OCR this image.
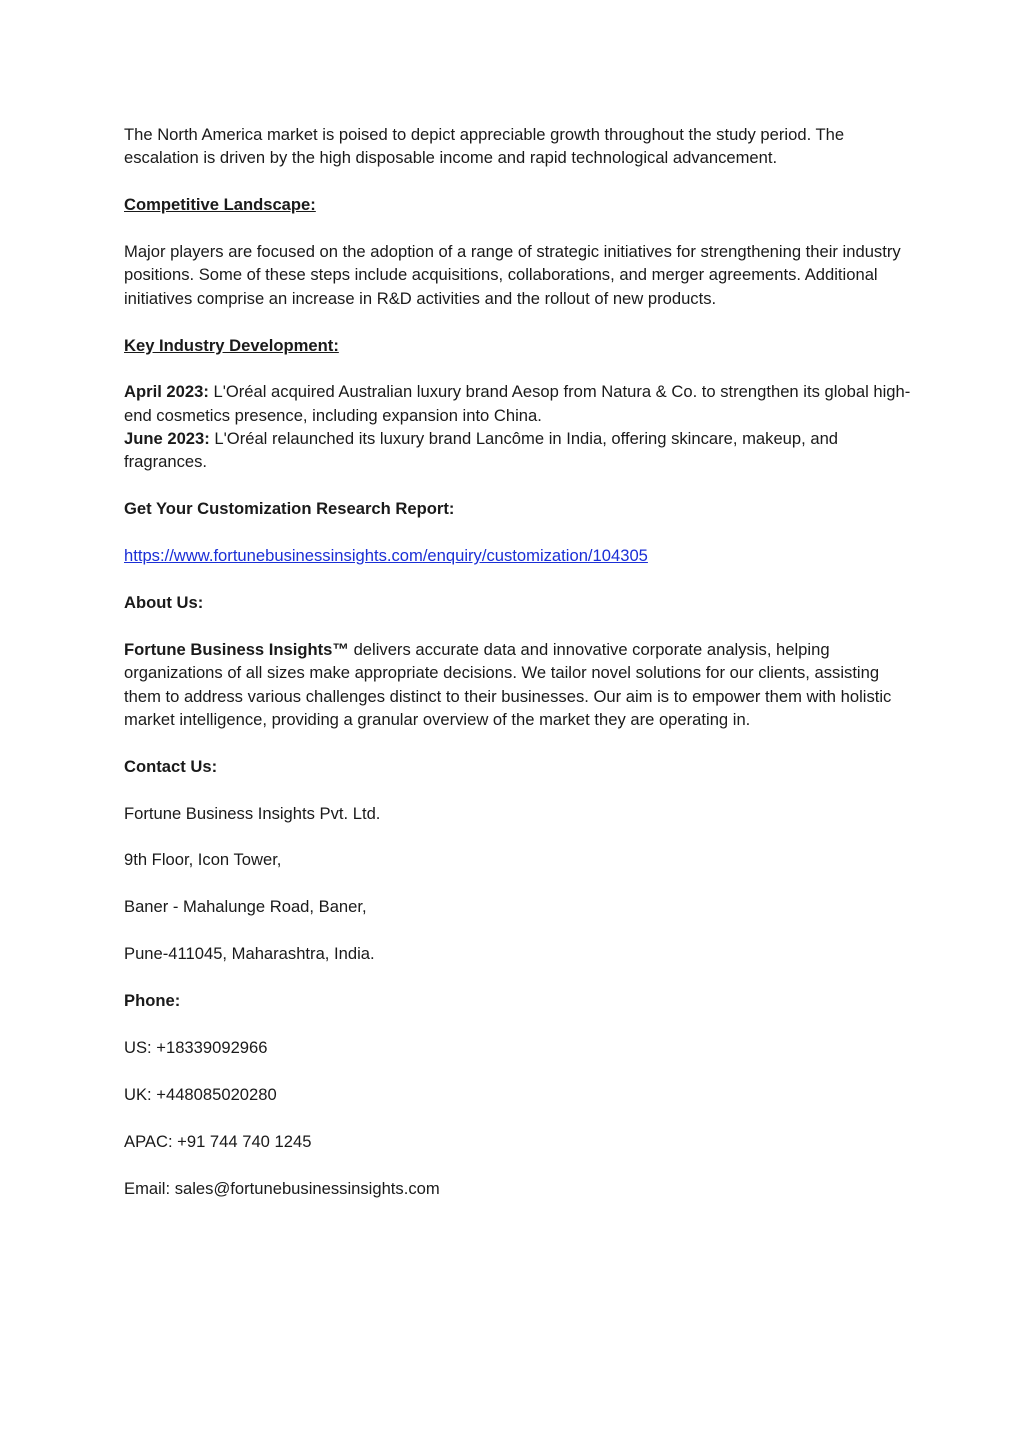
The North America market is poised to depict appreciable growth throughout the study period. The escalation is driven by the high disposable income and rapid technological advancement.

Competitive Landscape:

Major players are focused on the adoption of a range of strategic initiatives for strengthening their industry positions. Some of these steps include acquisitions, collaborations, and merger agreements. Additional initiatives comprise an increase in R&D activities and the rollout of new products.

Key Industry Development:

April 2023: L'Oréal acquired Australian luxury brand Aesop from Natura & Co. to strengthen its global high-end cosmetics presence, including expansion into China.
June 2023: L'Oréal relaunched its luxury brand Lancôme in India, offering skincare, makeup, and fragrances.

Get Your Customization Research Report:

https://www.fortunebusinessinsights.com/enquiry/customization/104305

About Us:

Fortune Business Insights™ delivers accurate data and innovative corporate analysis, helping organizations of all sizes make appropriate decisions. We tailor novel solutions for our clients, assisting them to address various challenges distinct to their businesses. Our aim is to empower them with holistic market intelligence, providing a granular overview of the market they are operating in.

Contact Us:

Fortune Business Insights Pvt. Ltd.

9th Floor, Icon Tower,

Baner - Mahalunge Road, Baner,

Pune-411045, Maharashtra, India.

Phone:

US: +18339092966

UK: +448085020280

APAC: +91 744 740 1245

Email: sales@fortunebusinessinsights.com
